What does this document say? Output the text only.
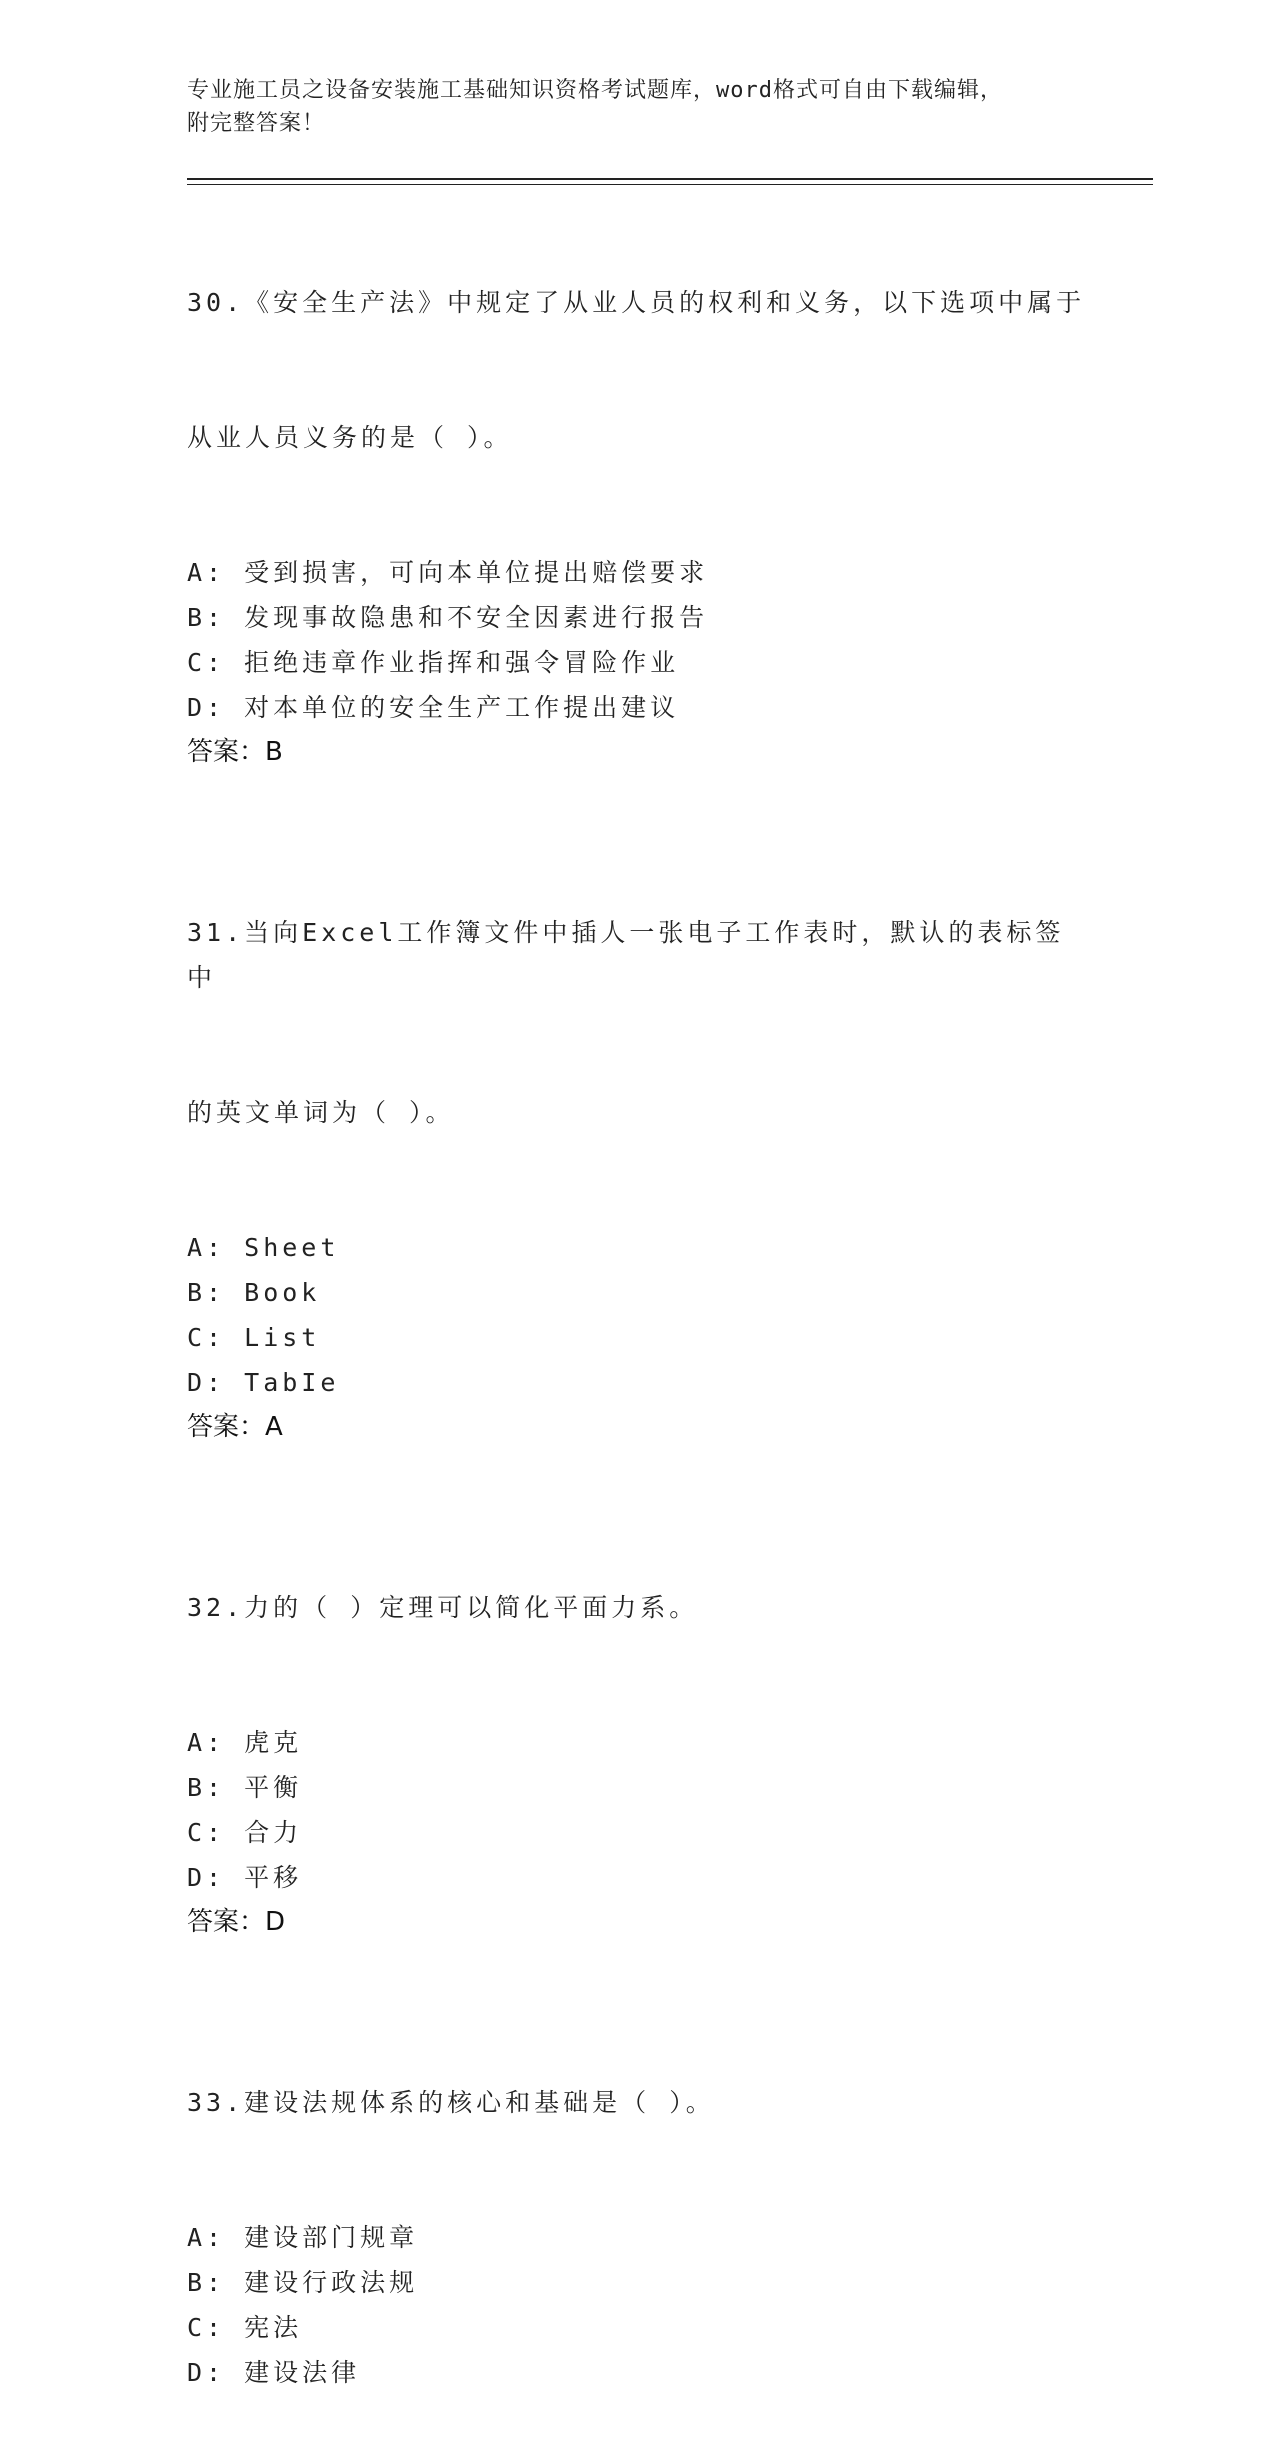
专业施工员之设备安装施工基础知识资格考试题库，word格式可自由下载编辑，
附完整答案！

30.《安全生产法》中规定了从业人员的权利和义务，以下选项中属于

从业人员义务的是（ ）。

A: 受到损害，可向本单位提出赔偿要求
B: 发现事故隐患和不安全因素进行报告
C: 拒绝违章作业指挥和强令冒险作业
D: 对本单位的安全生产工作提出建议
答案：B

31.当向Excel工作簿文件中插人一张电子工作表时，默认的表标签中

的英文单词为（ ）。

A: Sheet
B: Book
C: List
D: TabIe
答案：A

32.力的（ ）定理可以简化平面力系。

A: 虎克
B: 平衡
C: 合力
D: 平移
答案：D

33.建设法规体系的核心和基础是（ ）。

A: 建设部门规章
B: 建设行政法规
C: 宪法
D: 建设法律
